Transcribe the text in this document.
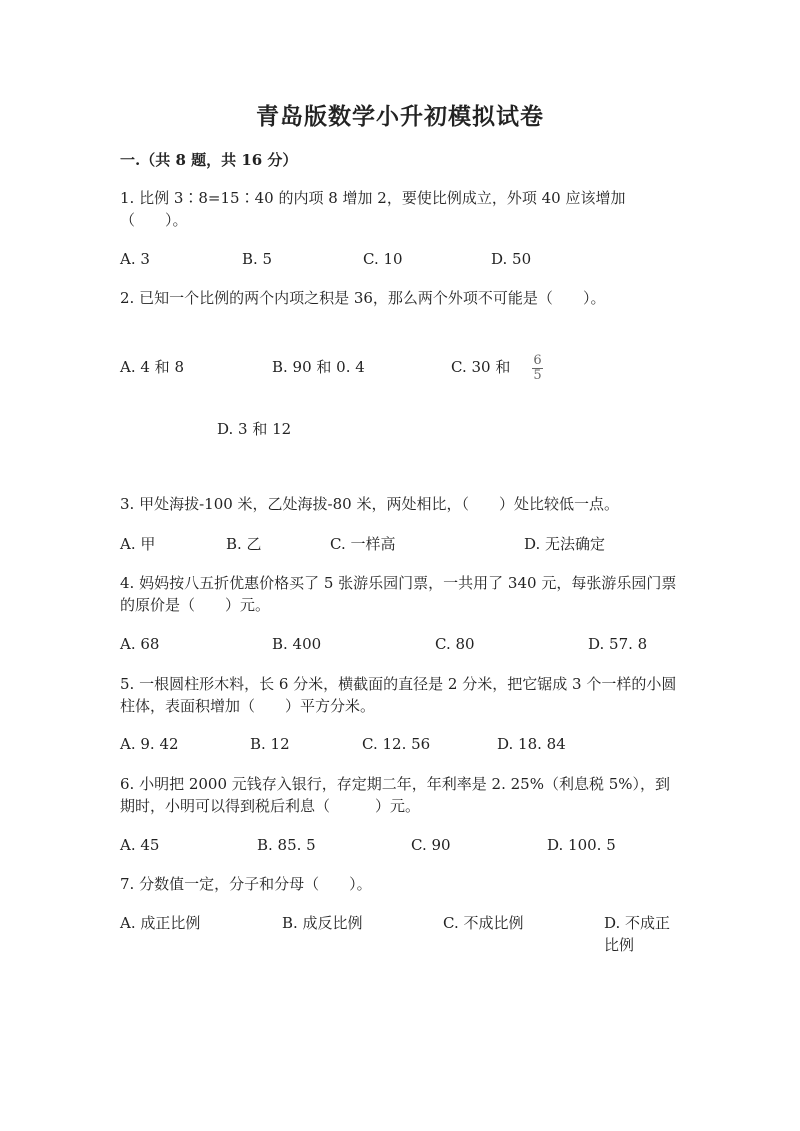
青岛版数学小升初模拟试卷
一.（共 8 题，共 16 分）
1. 比例 3∶8=15∶40 的内项 8 增加 2，要使比例成立，外项 40 应该增加（　　）。
A. 3	B. 5	C. 10	D. 50
2. 已知一个比例的两个内项之积是 36，那么两个外项不可能是（　　）。
A. 4 和 8	B. 90 和 0. 4	C. 30 和 $\frac{6}{5}$
D. 3 和 12
3. 甲处海拔-100 米，乙处海拔-80 米，两处相比，（　　）处比较低一点。
A. 甲	B. 乙	C. 一样高	D. 无法确定
4. 妈妈按八五折优惠价格买了 5 张游乐园门票，一共用了 340 元，每张游乐园门票的原价是（　　）元。
A. 68	B. 400	C. 80	D. 57. 8
5. 一根圆柱形木料，长 6 分米，横截面的直径是 2 分米，把它锯成 3 个一样的小圆柱体，表面积增加（　　）平方分米。
A. 9. 42	B. 12	C. 12. 56	D. 18. 84
6. 小明把 2000 元钱存入银行，存定期二年，年利率是 2. 25%（利息税 5%），到期时，小明可以得到税后利息（　　　）元。
A. 45	B. 85. 5	C. 90	D. 100. 5
7. 分数值一定，分子和分母（　　）。
A. 成正比例	B. 成反比例	C. 不成比例	D. 不成正比例
